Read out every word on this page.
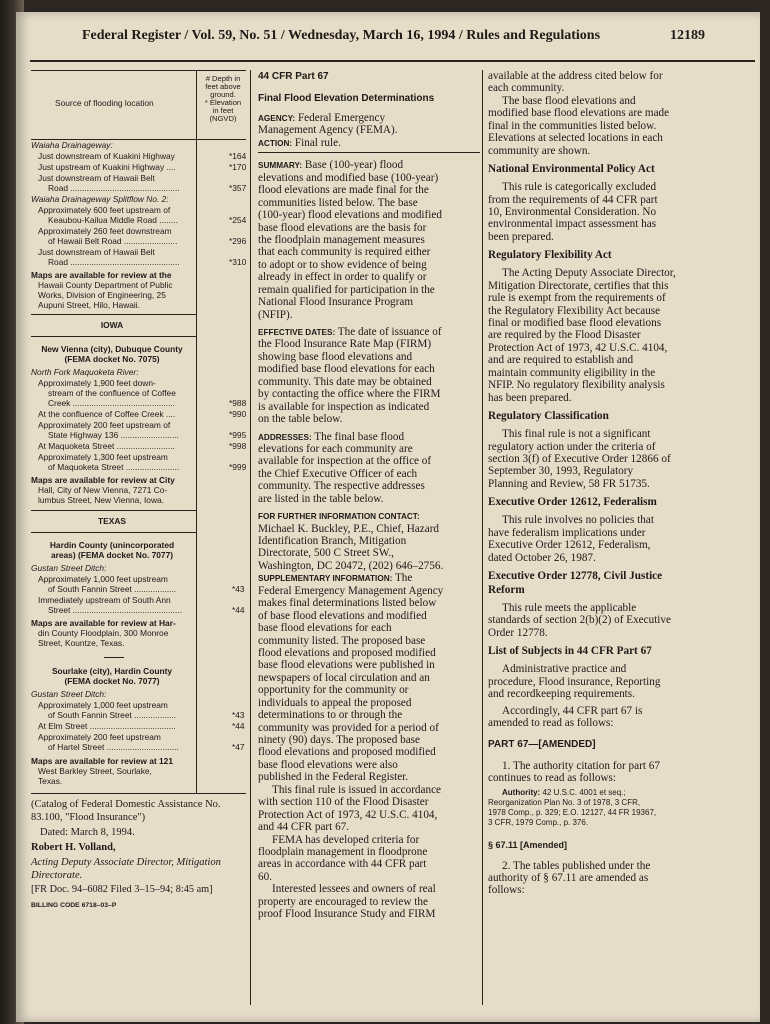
Federal Register / Vol. 59, No. 51 / Wednesday, March 16, 1994 / Rules and Regulations	12189
Source of flooding location
# Depth in
feet above
ground.
* Elevation
in feet
(NGVD)
Waiaha Drainageway:
Just downstream of Kuakini Highway	*164
Just upstream of Kuakini Highway ....	*170
Just downstream of Hawaii Belt
Road ...............................................	*357
Waiaha Drainageway Splitflow No. 2:
Approximately 600 feet upstream of
Keaubou-Kailua Middle Road ........	*254
Approximately 260 feet downstream
of Hawaii Belt Road .......................	*296
Just downstream of Hawaii Belt
Road ...............................................	*310
Maps are available for review at the
Hawaii County Department of Public
Works, Division of Engineering, 25
Aupuni Street, Hilo, Hawaii.
IOWA
New Vienna (city), Dubuque County
(FEMA docket No. 7075)
North Fork Maquoketa River:
Approximately 1,900 feet down-
stream of the confluence of Coffee
Creek ............................................	*988
At the confluence of Coffee Creek ....	*990
Approximately 200 feet upstream of
State Highway 136 .........................	*995
At Maquoketa Street .........................	*998
Approximately 1,300 feet upstream
of Maquoketa Street .......................	*999
Maps are available for review at City
Hall, City of New Vienna, 7271 Co-
lumbus Street, New Vienna, Iowa.
TEXAS
Hardin County (unincorporated
areas) (FEMA docket No. 7077)
Gustan Street Ditch:
Approximately 1,000 feet upstream
of South Fannin Street ..................	*43
Immediately upstream of South Ann
Street ...............................................	*44
Maps are available for review at Har-
din County Floodplain, 300 Monroe
Street, Kountze, Texas.
Sourlake (city), Hardin County
(FEMA docket No. 7077)
Gustan Street Ditch:
Approximately 1,000 feet upstream
of South Fannin Street ..................	*43
At Elm Street .....................................	*44
Approximately 200 feet upstream
of Hartel Street ...............................	*47
Maps are available for review at 121
West Barkley Street, Sourlake,
Texas.
(Catalog of Federal Domestic Assistance No.
83.100, "Flood Insurance")
Dated: March 8, 1994.
Robert H. Volland,
Acting Deputy Associate Director, Mitigation
Directorate.
[FR Doc. 94–6082 Filed 3–15–94; 8:45 am]
BILLING CODE 6718–03–P
44 CFR Part 67
Final Flood Elevation Determinations
AGENCY: Federal Emergency
Management Agency (FEMA).
ACTION: Final rule.
SUMMARY: Base (100-year) flood
elevations and modified base (100-year)
flood elevations are made final for the
communities listed below. The base
(100-year) flood elevations and modified
base flood elevations are the basis for
the floodplain management measures
that each community is required either
to adopt or to show evidence of being
already in effect in order to qualify or
remain qualified for participation in the
National Flood Insurance Program
(NFIP).
EFFECTIVE DATES: The date of issuance of
the Flood Insurance Rate Map (FIRM)
showing base flood elevations and
modified base flood elevations for each
community. This date may be obtained
by contacting the office where the FIRM
is available for inspection as indicated
on the table below.
ADDRESSES: The final base flood
elevations for each community are
available for inspection at the office of
the Chief Executive Officer of each
community. The respective addresses
are listed in the table below.
FOR FURTHER INFORMATION CONTACT:
Michael K. Buckley, P.E., Chief, Hazard
Identification Branch, Mitigation
Directorate, 500 C Street SW.,
Washington, DC 20472, (202) 646–2756.
SUPPLEMENTARY INFORMATION: The
Federal Emergency Management Agency
makes final determinations listed below
of base flood elevations and modified
base flood elevations for each
community listed. The proposed base
flood elevations and proposed modified
base flood elevations were published in
newspapers of local circulation and an
opportunity for the community or
individuals to appeal the proposed
determinations to or through the
community was provided for a period of
ninety (90) days. The proposed base
flood elevations and proposed modified
base flood elevations were also
published in the Federal Register.
This final rule is issued in accordance
with section 110 of the Flood Disaster
Protection Act of 1973, 42 U.S.C. 4104,
and 44 CFR part 67.
FEMA has developed criteria for
floodplain management in floodprone
areas in accordance with 44 CFR part
60.
Interested lessees and owners of real
property are encouraged to review the
proof Flood Insurance Study and FIRM
available at the address cited below for
each community.
The base flood elevations and
modified base flood elevations are made
final in the communities listed below.
Elevations at selected locations in each
community are shown.
National Environmental Policy Act
This rule is categorically excluded
from the requirements of 44 CFR part
10, Environmental Consideration. No
environmental impact assessment has
been prepared.
Regulatory Flexibility Act
The Acting Deputy Associate Director,
Mitigation Directorate, certifies that this
rule is exempt from the requirements of
the Regulatory Flexibility Act because
final or modified base flood elevations
are required by the Flood Disaster
Protection Act of 1973, 42 U.S.C. 4104,
and are required to establish and
maintain community eligibility in the
NFIP. No regulatory flexibility analysis
has been prepared.
Regulatory Classification
This final rule is not a significant
regulatory action under the criteria of
section 3(f) of Executive Order 12866 of
September 30, 1993, Regulatory
Planning and Review, 58 FR 51735.
Executive Order 12612, Federalism
This rule involves no policies that
have federalism implications under
Executive Order 12612, Federalism,
dated October 26, 1987.
Executive Order 12778, Civil Justice
Reform
This rule meets the applicable
standards of section 2(b)(2) of Executive
Order 12778.
List of Subjects in 44 CFR Part 67
Administrative practice and
procedure, Flood insurance, Reporting
and recordkeeping requirements.
Accordingly, 44 CFR part 67 is
amended to read as follows:
PART 67—[AMENDED]
1. The authority citation for part 67
continues to read as follows:
Authority: 42 U.S.C. 4001 et seq.;
Reorganization Plan No. 3 of 1978, 3 CFR,
1978 Comp., p. 329; E.O. 12127, 44 FR 19367,
3 CFR, 1979 Comp., p. 376.
§ 67.11 [Amended]
2. The tables published under the
authority of § 67.11 are amended as
follows:
